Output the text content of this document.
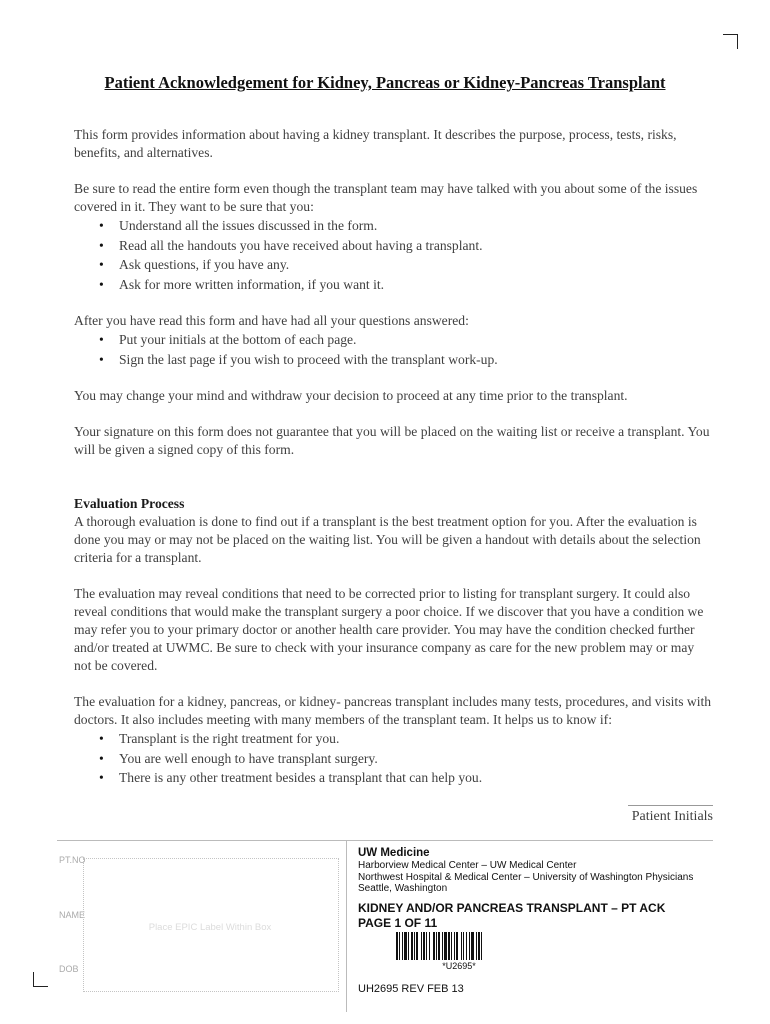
Patient Acknowledgement for Kidney, Pancreas or Kidney-Pancreas Transplant

This form provides information about having a kidney transplant. It describes the purpose, process, tests, risks, benefits, and alternatives.

Be sure to read the entire form even though the transplant team may have talked with you about some of the issues covered in it. They want to be sure that you:

• Understand all the issues discussed in the form.
• Read all the handouts you have received about having a transplant.
• Ask questions, if you have any.
• Ask for more written information, if you want it.

After you have read this form and have had all your questions answered:

• Put your initials at the bottom of each page.
• Sign the last page if you wish to proceed with the transplant work-up.

You may change your mind and withdraw your decision to proceed at any time prior to the transplant.

Your signature on this form does not guarantee that you will be placed on the waiting list or receive a transplant. You will be given a signed copy of this form.

Evaluation Process

A thorough evaluation is done to find out if a transplant is the best treatment option for you. After the evaluation is done you may or may not be placed on the waiting list. You will be given a handout with details about the selection criteria for a transplant.

The evaluation may reveal conditions that need to be corrected prior to listing for transplant surgery. It could also reveal conditions that would make the transplant surgery a poor choice. If we discover that you have a condition we may refer you to your primary doctor or another health care provider. You may have the condition checked further and/or treated at UWMC. Be sure to check with your insurance company as care for the new problem may or may not be covered.

The evaluation for a kidney, pancreas, or kidney- pancreas transplant includes many tests, procedures, and visits with doctors. It also includes meeting with many members of the transplant team. It helps us to know if:

• Transplant is the right treatment for you.
• You are well enough to have transplant surgery.
• There is any other treatment besides a transplant that can help you.
Patient Initials
PT.NO
NAME
DOB
Place EPIC Label Within Box
UW Medicine
Harborview Medical Center – UW Medical Center
Northwest Hospital & Medical Center – University of Washington Physicians
Seattle, Washington
KIDNEY AND/OR PANCREAS TRANSPLANT – PT ACK
PAGE 1 OF 11
*U2695*
UH2695 REV FEB 13
